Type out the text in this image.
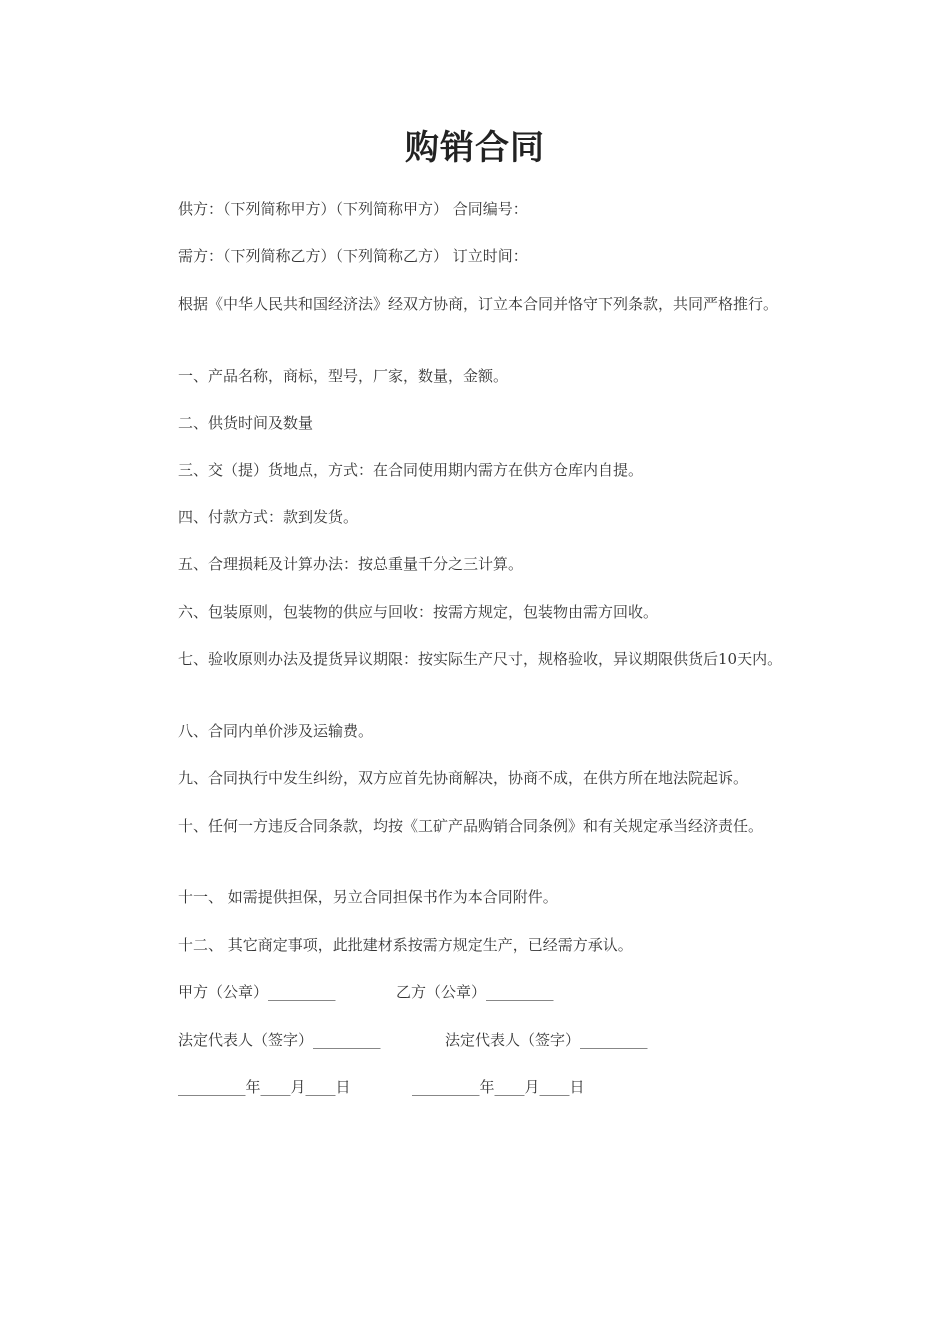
购销合同
供方：（下列简称甲方）（下列简称甲方） 合同编号：
需方：（下列简称乙方）（下列简称乙方） 订立时间：
根据《中华人民共和国经济法》经双方协商，订立本合同并恪守下列条款，共同严格推行。
一、产品名称，商标，型号，厂家，数量，金额。
二、供货时间及数量
三、交（提）货地点，方式：在合同使用期内需方在供方仓库内自提。
四、付款方式：款到发货。
五、合理损耗及计算办法：按总重量千分之三计算。
六、包装原则，包装物的供应与回收：按需方规定，包装物由需方回收。
七、验收原则办法及提货异议期限：按实际生产尺寸，规格验收，异议期限供货后10天内。
八、合同内单价涉及运输费。
九、合同执行中发生纠纷，双方应首先协商解决，协商不成，在供方所在地法院起诉。
十、任何一方违反合同条款，均按《工矿产品购销合同条例》和有关规定承当经济责任。
十一、 如需提供担保，另立合同担保书作为本合同附件。
十二、 其它商定事项，此批建材系按需方规定生产，已经需方承认。
甲方（公章）_________	乙方（公章）_________
法定代表人（签字）_________	法定代表人（签字）_________
_________年____月____日	_________年____月____日
